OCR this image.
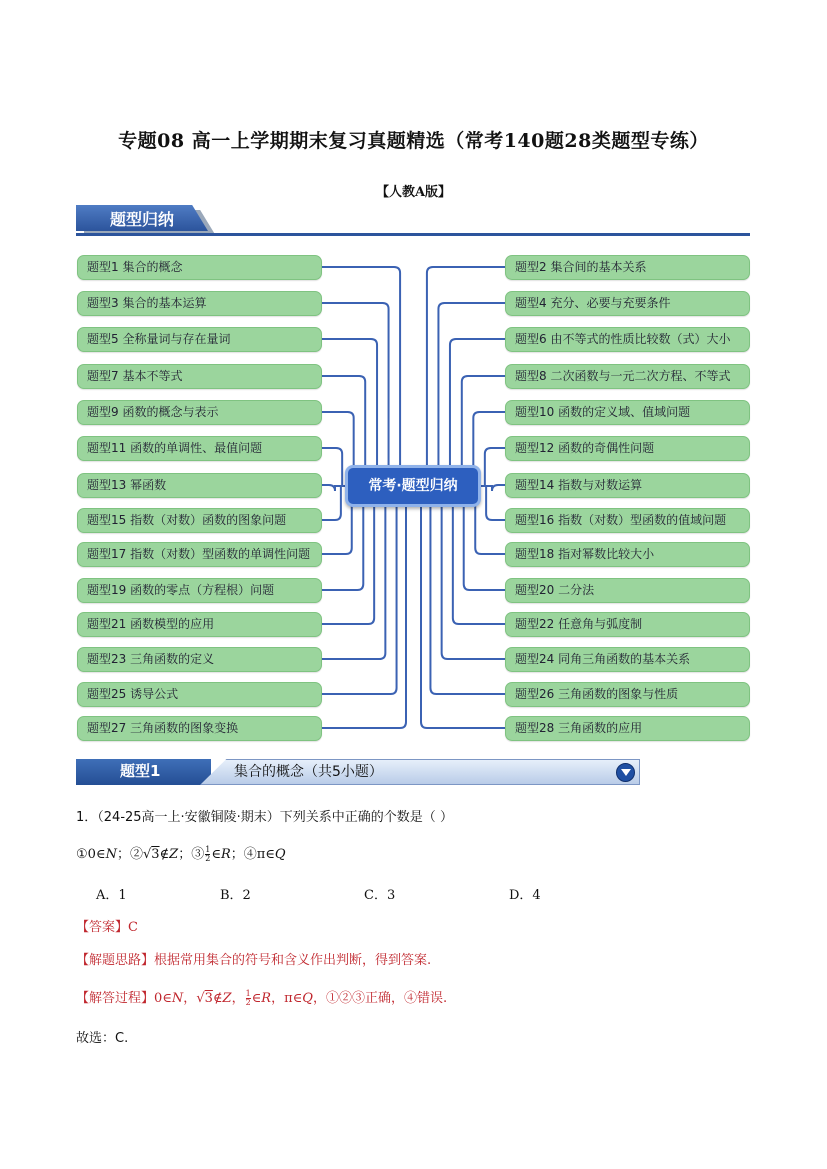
专题08 高一上学期期末复习真题精选（常考140题28类题型专练）
【人教A版】
题型归纳
题型1 集合的概念
题型3 集合的基本运算
题型5 全称量词与存在量词
题型7 基本不等式
题型9 函数的概念与表示
题型11 函数的单调性、最值问题
题型13 幂函数
题型15 指数（对数）函数的图象问题
题型17 指数（对数）型函数的单调性问题
题型19 函数的零点（方程根）问题
题型21 函数模型的应用
题型23 三角函数的定义
题型25 诱导公式
题型27 三角函数的图象变换
题型2 集合间的基本关系
题型4 充分、必要与充要条件
题型6 由不等式的性质比较数（式）大小
题型8 二次函数与一元二次方程、不等式
题型10 函数的定义域、值域问题
题型12 函数的奇偶性问题
题型14 指数与对数运算
题型16 指数（对数）型函数的值域问题
题型18 指对幂数比较大小
题型20 二分法
题型22 任意角与弧度制
题型24 同角三角函数的基本关系
题型26 三角函数的图象与性质
题型28 三角函数的应用
常考·题型归纳
题型1	集合的概念（共5小题）
1．（24-25高一上·安徽铜陵·期末）下列关系中正确的个数是（ ）
①0∈N；②√3∉Z；③ $\frac{1}{2}$ ∈R；④π∈Q
A．1	B．2	C．3	D．4
【答案】C
【解题思路】根据常用集合的符号和含义作出判断，得到答案.
【解答过程】0∈N，√3∉Z， $\frac{1}{2}$ ∈R，π∈Q，①②③正确，④错误.
故选：C.
